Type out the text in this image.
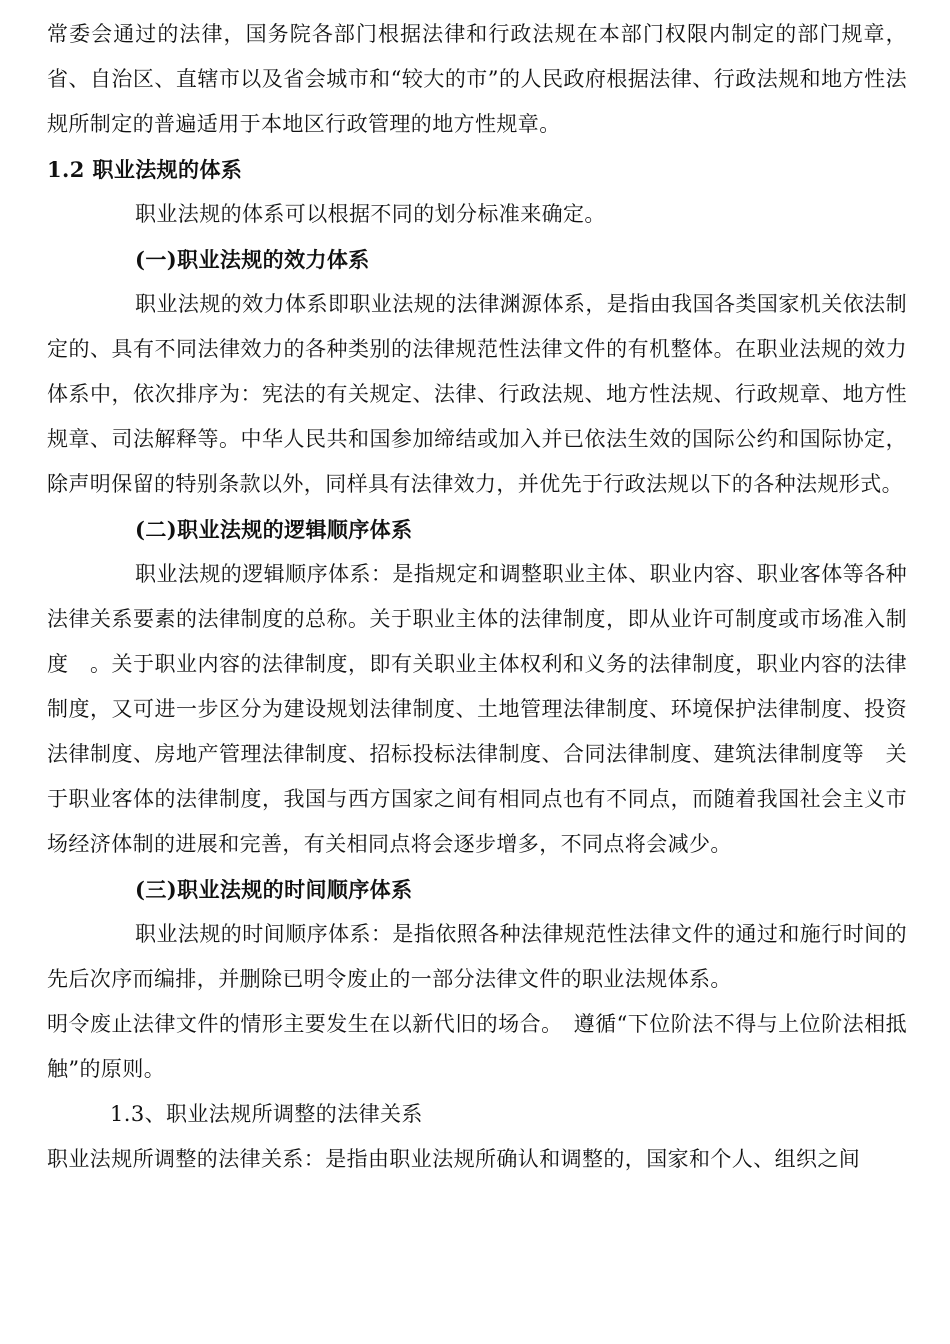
常委会通过的法律，国务院各部门根据法律和行政法规在本部门权限内制定的部门规章，省、自治区、直辖市以及省会城市和“较大的市”的人民政府根据法律、行政法规和地方性法规所制定的普遍适用于本地区行政管理的地方性规章。

1.2 职业法规的体系

职业法规的体系可以根据不同的划分标准来确定。

(一)职业法规的效力体系

职业法规的效力体系即职业法规的法律渊源体系，是指由我国各类国家机关依法制定的、具有不同法律效力的各种类别的法律规范性法律文件的有机整体。在职业法规的效力体系中，依次排序为：宪法的有关规定、法律、行政法规、地方性法规、行政规章、地方性规章、司法解释等。中华人民共和国参加缔结或加入并已依法生效的国际公约和国际协定，除声明保留的特别条款以外，同样具有法律效力，并优先于行政法规以下的各种法规形式。

(二)职业法规的逻辑顺序体系

职业法规的逻辑顺序体系：是指规定和调整职业主体、职业内容、职业客体等各种法律关系要素的法律制度的总称。关于职业主体的法律制度，即从业许可制度或市场准入制度　。关于职业内容的法律制度，即有关职业主体权利和义务的法律制度，职业内容的法律制度，又可进一步区分为建设规划法律制度、土地管理法律制度、环境保护法律制度、投资法律制度、房地产管理法律制度、招标投标法律制度、合同法律制度、建筑法律制度等　关于职业客体的法律制度，我国与西方国家之间有相同点也有不同点，而随着我国社会主义市场经济体制的进展和完善，有关相同点将会逐步增多，不同点将会减少。

(三)职业法规的时间顺序体系

职业法规的时间顺序体系：是指依照各种法律规范性法律文件的通过和施行时间的先后次序而编排，并删除已明令废止的一部分法律文件的职业法规体系。

明令废止法律文件的情形主要发生在以新代旧的场合。　遵循“下位阶法不得与上位阶法相抵触”的原则。

1.3、职业法规所调整的法律关系

职业法规所调整的法律关系：是指由职业法规所确认和调整的，国家和个人、组织之间
